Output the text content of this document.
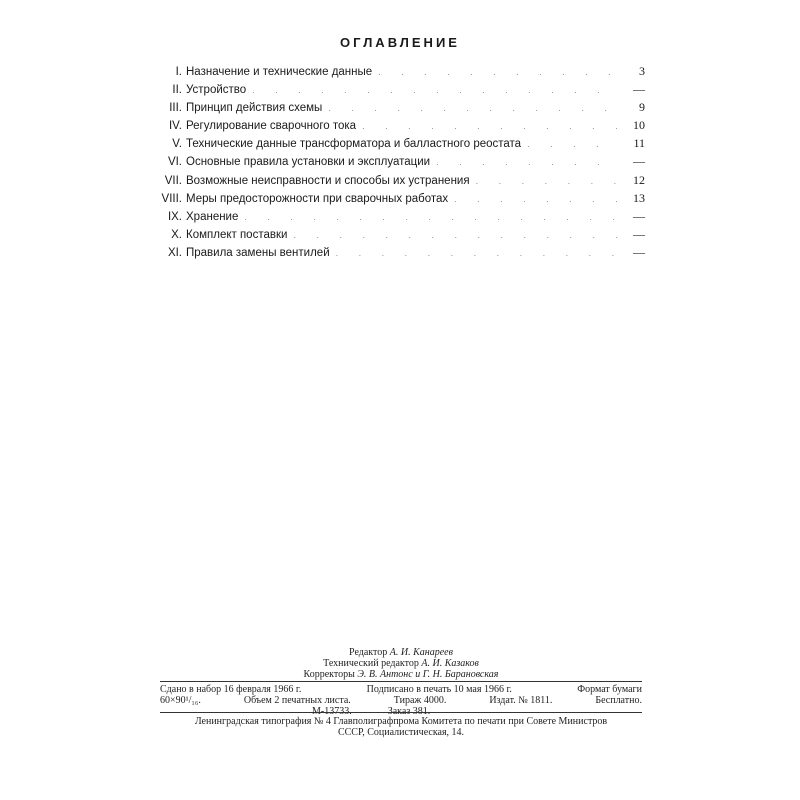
ОГЛАВЛЕНИЕ
I. Назначение и технические данные . . .	3
II. Устройство . . .	—
III. Принцип действия схемы . . .	9
IV. Регулирование сварочного тока . . .	10
V. Технические данные трансформатора и балластного реостата . . .	11
VI. Основные правила установки и эксплуатации . . .	—
VII. Возможные неисправности и способы их устранения . . .	12
VIII. Меры предосторожности при сварочных работах . . .	13
IX. Хранение . . .	—
X. Комплект поставки . . .	—
XI. Правила замены вентилей . . .	—
Редактор А. И. Канареев
Технический редактор А. И. Казаков
Корректоры Э. В. Антонс и Г. Н. Барановская
Сдано в набор 16 февраля 1966 г.	Подписано в печать 10 мая 1966 г.	Формат бумаги
60×90¹/₁₆.	Объем 2 печатных листа.	Тираж 4000.	Издат. № 1811.	Бесплатно.
М-13733.	Заказ 381.
Ленинградская типография № 4 Главполиграфпрома Комитета по печати при Совете Министров
СССР, Социалистическая, 14.
